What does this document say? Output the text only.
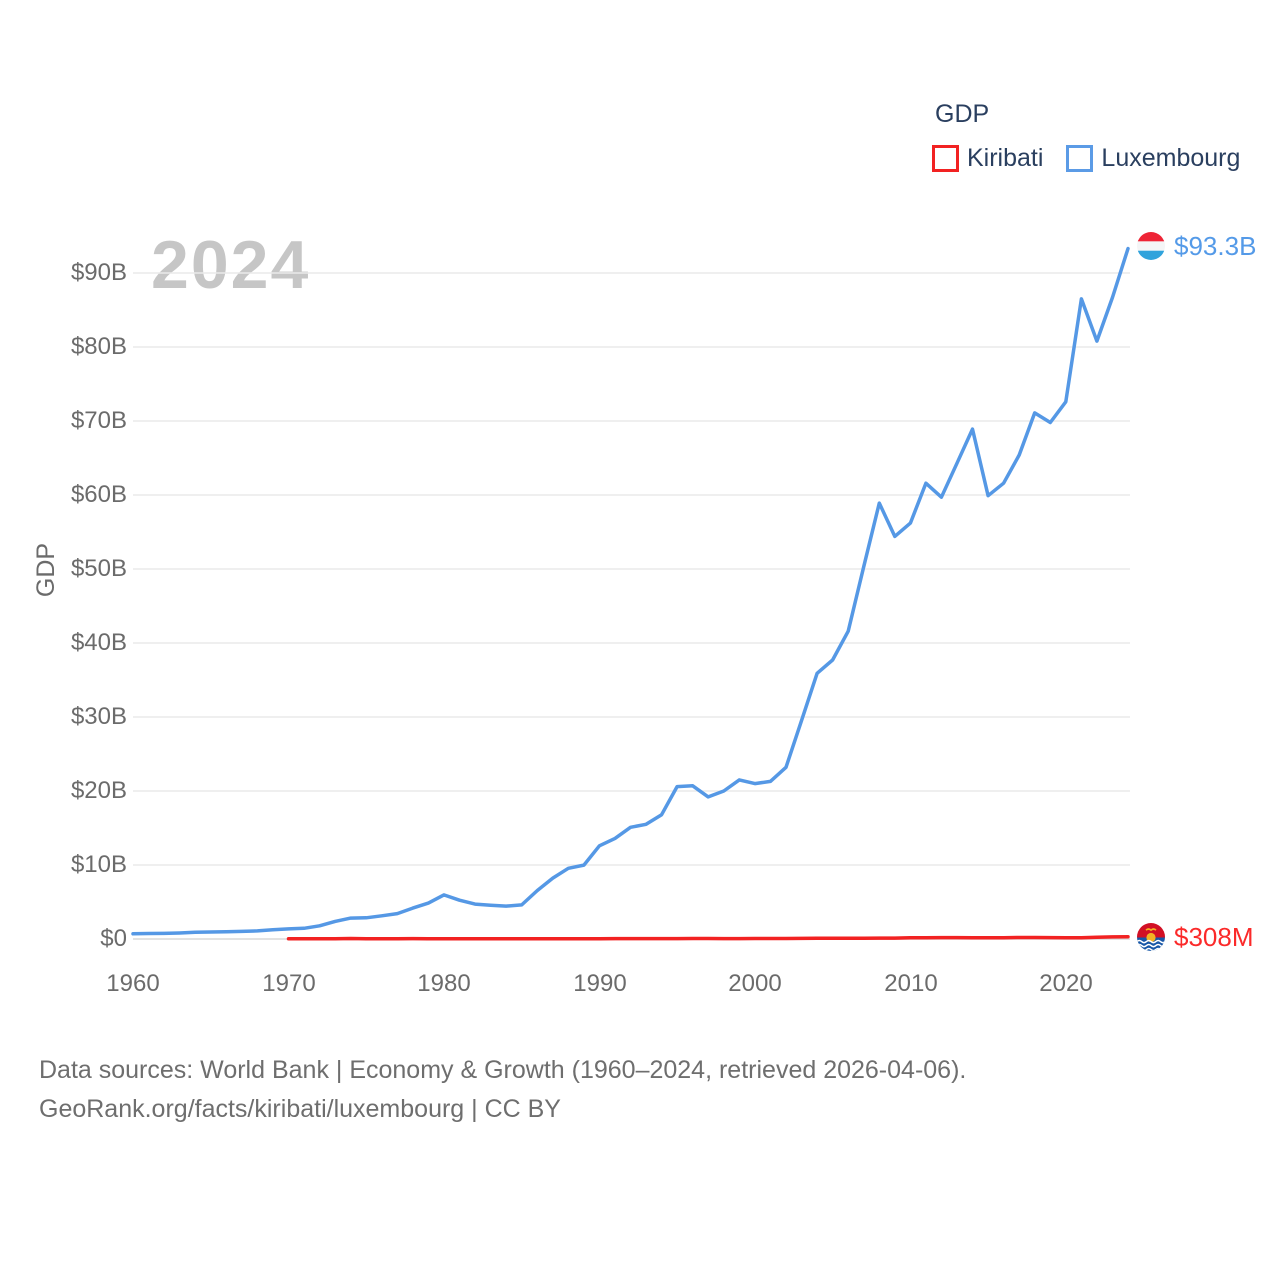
2024
GDP
Kiribati Luxembourg
GDP
$0
$10B
$20B
$30B
$40B
$50B
$60B
$70B
$80B
$90B
1960	1970	1980	1990	2000	2010	2020
$93.3B
$308M
Data sources: World Bank | Economy & Growth (1960–2024, retrieved 2026-04-06).
GeoRank.org/facts/kiribati/luxembourg | CC BY
